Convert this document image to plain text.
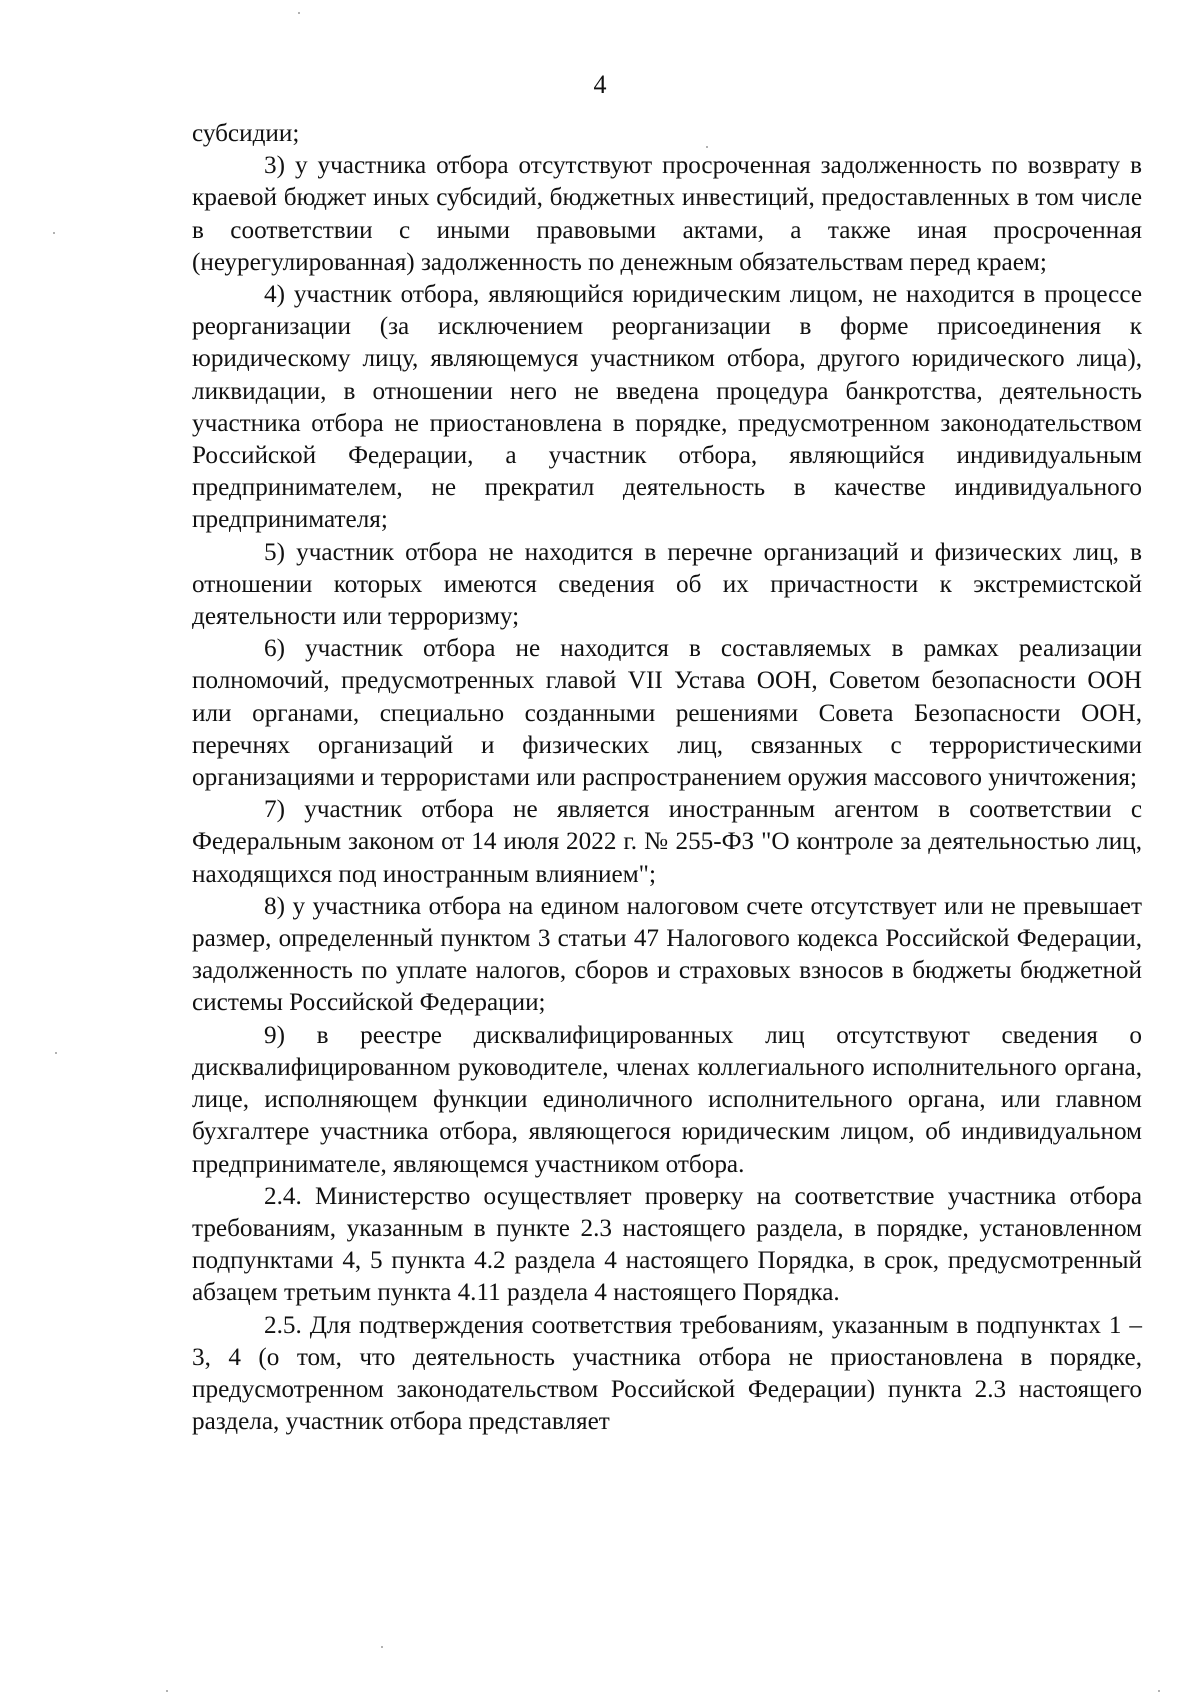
4

субсидии;

3) у участника отбора отсутствуют просроченная задолженность по возврату в краевой бюджет иных субсидий, бюджетных инвестиций, предоставленных в том числе в соответствии с иными правовыми актами, а также иная просроченная (неурегулированная) задолженность по денежным обязательствам перед краем;

4) участник отбора, являющийся юридическим лицом, не находится в процессе реорганизации (за исключением реорганизации в форме присоединения к юридическому лицу, являющемуся участником отбора, другого юридического лица), ликвидации, в отношении него не введена процедура банкротства, деятельность участника отбора не приостановлена в порядке, предусмотренном законодательством Российской Федерации, а участник отбора, являющийся индивидуальным предпринимателем, не прекратил деятельность в качестве индивидуального предпринимателя;

5) участник отбора не находится в перечне организаций и физических лиц, в отношении которых имеются сведения об их причастности к экстремистской деятельности или терроризму;

6) участник отбора не находится в составляемых в рамках реализации полномочий, предусмотренных главой VII Устава ООН, Советом безопасности ООН или органами, специально созданными решениями Совета Безопасности ООН, перечнях организаций и физических лиц, связанных с террористическими организациями и террористами или распространением оружия массового уничтожения;

7) участник отбора не является иностранным агентом в соответствии с Федеральным законом от 14 июля 2022 г. № 255-ФЗ "О контроле за деятельностью лиц, находящихся под иностранным влиянием";

8) у участника отбора на едином налоговом счете отсутствует или не превышает размер, определенный пунктом 3 статьи 47 Налогового кодекса Российской Федерации, задолженность по уплате налогов, сборов и страховых взносов в бюджеты бюджетной системы Российской Федерации;

9) в реестре дисквалифицированных лиц отсутствуют сведения о дисквалифицированном руководителе, членах коллегиального исполнительного органа, лице, исполняющем функции единоличного исполнительного органа, или главном бухгалтере участника отбора, являющегося юридическим лицом, об индивидуальном предпринимателе, являющемся участником отбора.

2.4. Министерство осуществляет проверку на соответствие участника отбора требованиям, указанным в пункте 2.3 настоящего раздела, в порядке, установленном подпунктами 4, 5 пункта 4.2 раздела 4 настоящего Порядка, в срок, предусмотренный абзацем третьим пункта 4.11 раздела 4 настоящего Порядка.

2.5. Для подтверждения соответствия требованиям, указанным в подпунктах 1 – 3, 4 (о том, что деятельность участника отбора не приостановлена в порядке, предусмотренном законодательством Российской Федерации) пункта 2.3 настоящего раздела, участник отбора представляет
